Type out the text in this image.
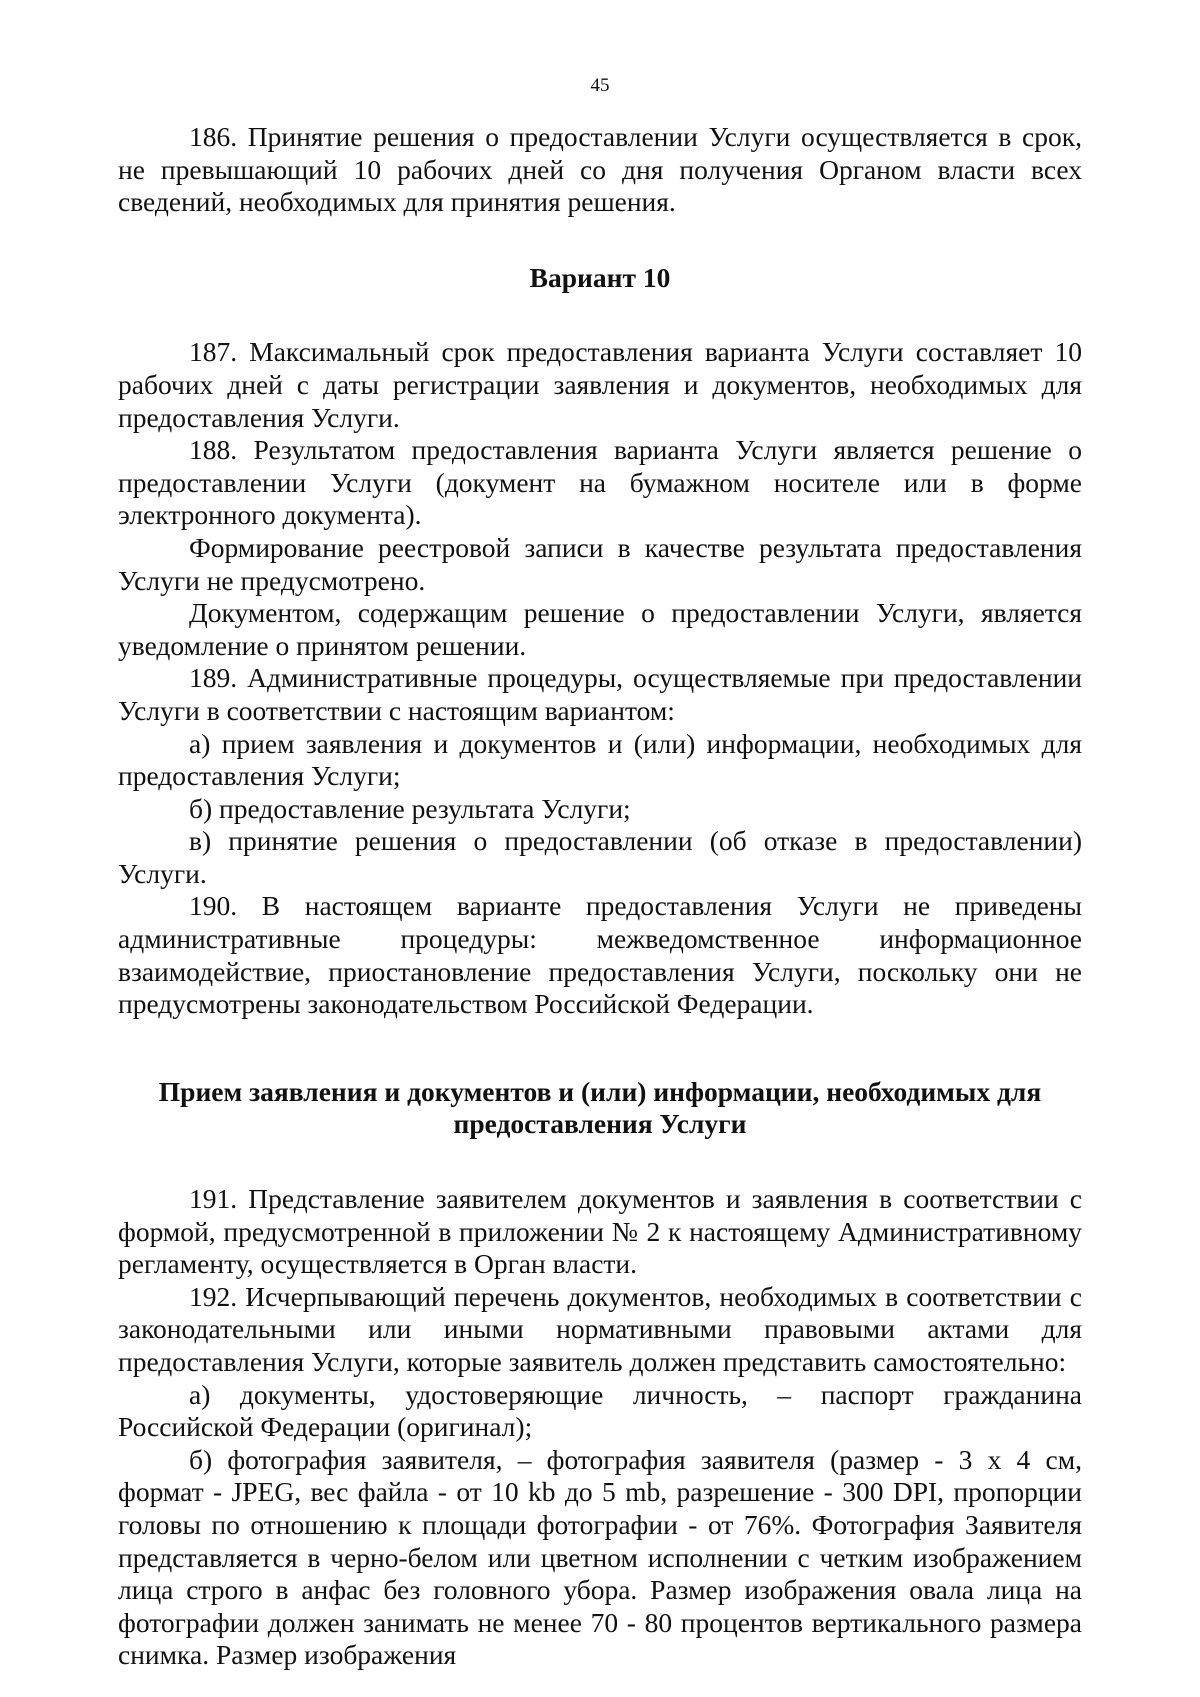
45

186. Принятие решения о предоставлении Услуги осуществляется в срок, не превышающий 10 рабочих дней со дня получения Органом власти всех сведений, необходимых для принятия решения.

Вариант 10

187. Максимальный срок предоставления варианта Услуги составляет 10 рабочих дней с даты регистрации заявления и документов, необходимых для предоставления Услуги.

188. Результатом предоставления варианта Услуги является решение о предоставлении Услуги (документ на бумажном носителе или в форме электронного документа).

Формирование реестровой записи в качестве результата предоставления Услуги не предусмотрено.

Документом, содержащим решение о предоставлении Услуги, является уведомление о принятом решении.

189. Административные процедуры, осуществляемые при предоставлении Услуги в соответствии с настоящим вариантом:

а) прием заявления и документов и (или) информации, необходимых для предоставления Услуги;

б) предоставление результата Услуги;

в) принятие решения о предоставлении (об отказе в предоставлении) Услуги.

190. В настоящем варианте предоставления Услуги не приведены административные процедуры: межведомственное информационное взаимодействие, приостановление предоставления Услуги, поскольку они не предусмотрены законодательством Российской Федерации.

Прием заявления и документов и (или) информации, необходимых для предоставления Услуги

191. Представление заявителем документов и заявления в соответствии с формой, предусмотренной в приложении № 2 к настоящему Административному регламенту, осуществляется в Орган власти.

192. Исчерпывающий перечень документов, необходимых в соответствии с законодательными или иными нормативными правовыми актами для предоставления Услуги, которые заявитель должен представить самостоятельно:

а) документы, удостоверяющие личность, – паспорт гражданина Российской Федерации (оригинал);

б) фотография заявителя, – фотография заявителя (размер - 3 x 4 см, формат - JPEG, вес файла - от 10 kb до 5 mb, разрешение - 300 DPI, пропорции головы по отношению к площади фотографии - от 76%. Фотография Заявителя представляется в черно-белом или цветном исполнении с четким изображением лица строго в анфас без головного убора. Размер изображения овала лица на фотографии должен занимать не менее 70 - 80 процентов вертикального размера снимка. Размер изображения
